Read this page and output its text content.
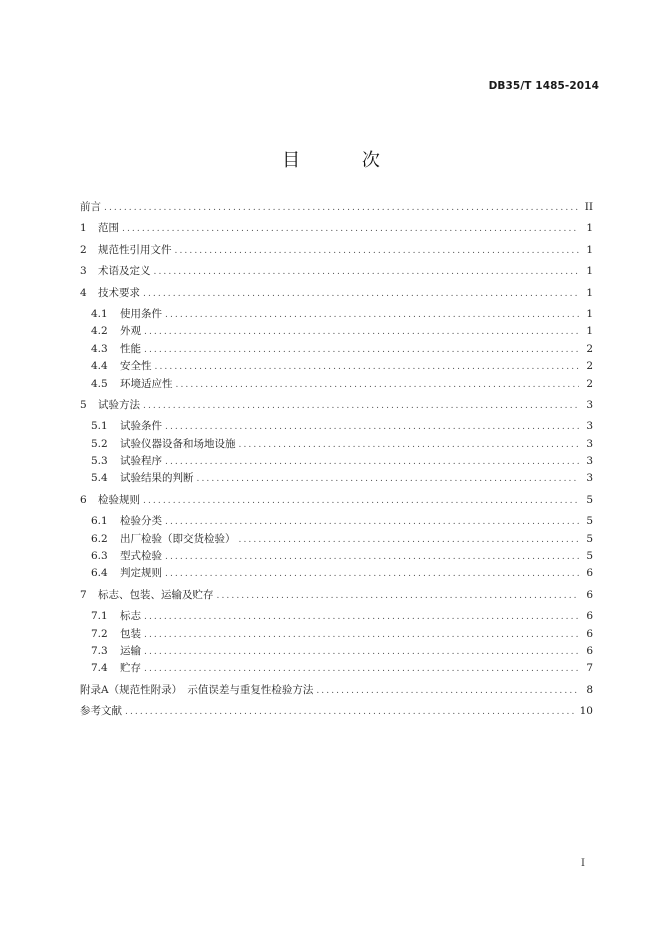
DB35/T 1485-2014
目 次
前言 .....	II
1	范围 .....	1
2	规范性引用文件 .....	1
3	术语及定义 .....	1
4	技术要求 .....	1
4.1	使用条件 .....	1
4.2	外观 .....	1
4.3	性能 .....	2
4.4	安全性 .....	2
4.5	环境适应性 .....	2
5	试验方法 .....	3
5.1	试验条件 .....	3
5.2	试验仪器设备和场地设施 .....	3
5.3	试验程序 .....	3
5.4	试验结果的判断 .....	3
6	检验规则 .....	5
6.1	检验分类 .....	5
6.2	出厂检验（即交货检验） .....	5
6.3	型式检验 .....	5
6.4	判定规则 .....	6
7	标志、包装、运输及贮存 .....	6
7.1	标志 .....	6
7.2	包装 .....	6
7.3	运输 .....	6
7.4	贮存 .....	7
附录A（规范性附录）　示值误差与重复性检验方法 .....	8
参考文献 .....	10
I
